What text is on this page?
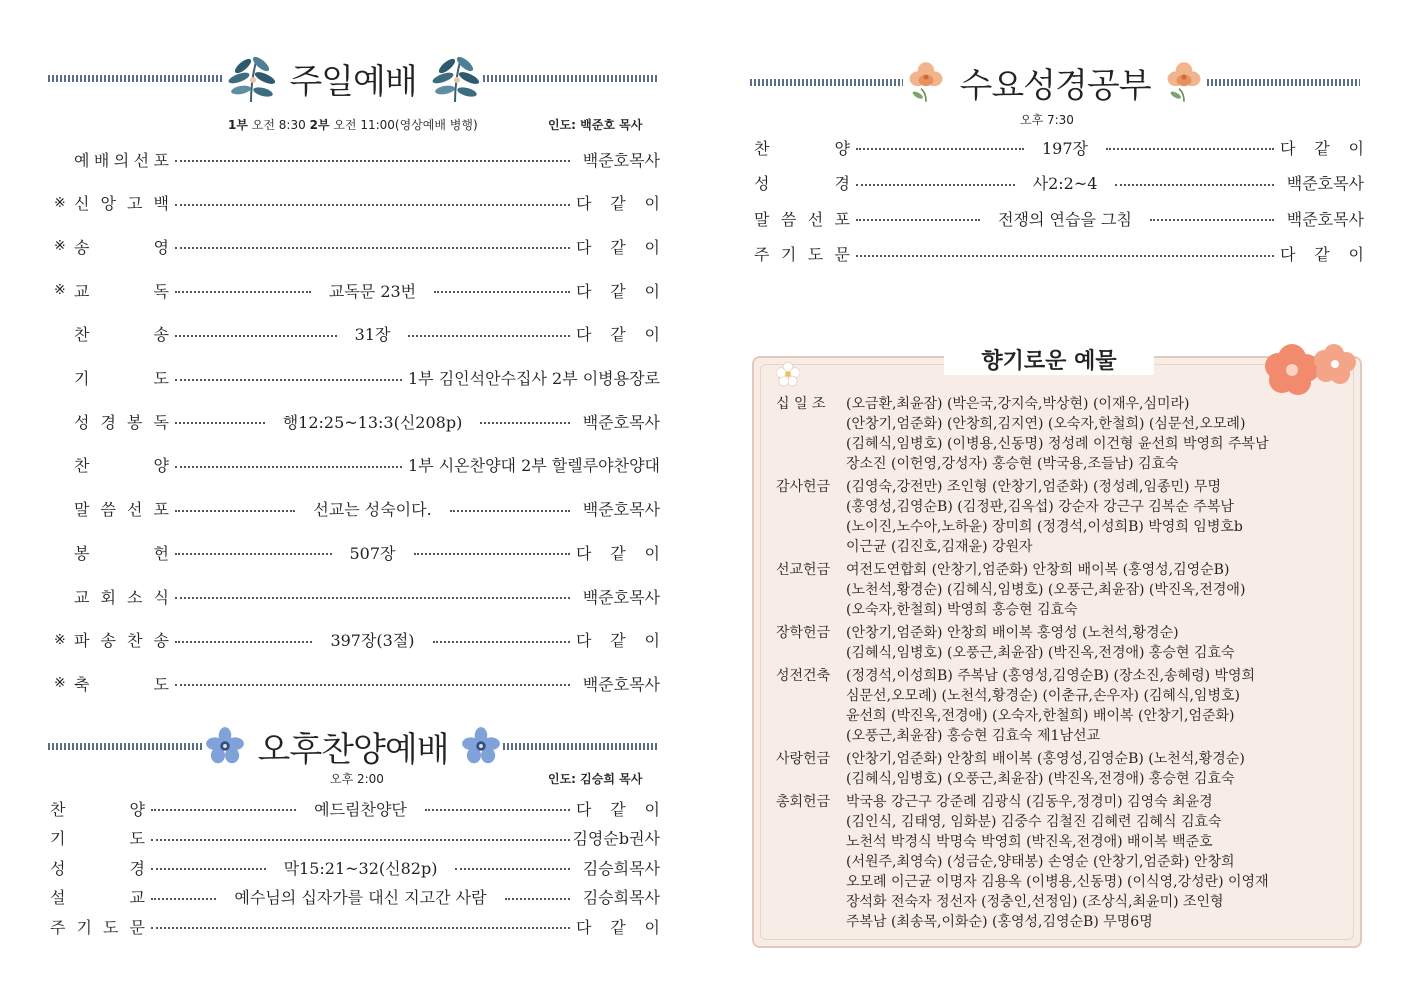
주일예배
1부 오전 8:30 2부 오전 11:00(영상예배 병행)	인도: 백준호 목사
예 배 의 선 포	백준호목사
※ 신 앙 고 백	다 같 이
※ 송	영	다 같 이
※ 교	독	교독문 23번	다 같 이
찬	송	31장	다 같 이
기	도	1부 김인석안수집사 2부 이병용장로
성 경 봉 독	행12:25~13:3(신208p)	백준호목사
찬	양	1부 시온찬양대 2부 할렐루야찬양대
말 씀 선 포	선교는 성숙이다.	백준호목사
봉	헌	507장	다 같 이
교 회 소 식	백준호목사
※ 파 송 찬 송	397장(3절)	다 같 이
※ 축	도	백준호목사
오후찬양예배
오후 2:00	인도: 김승희 목사
찬	양	예드림찬양단	다 같 이
기	도	김영순b권사
성	경	막15:21~32(신82p)	김승희목사
설	교	예수님의 십자가를 대신 지고간 사람	김승희목사
주 기 도 문	다 같 이
수요성경공부
오후 7:30
찬	양	197장	다 같 이
성	경	사2:2~4	백준호목사
말 씀 선 포	전쟁의 연습을 그침	백준호목사
주 기 도 문	다 같 이
향기로운 예물
십 일 조	(오금환,최윤잠) (박은국,강지숙,박상현) (이재우,심미라)
(안창기,엄준화) (안창희,김지연) (오숙자,한철희) (심문선,오모례)
(김혜식,임병호) (이병용,신동명) 정성례 이건형 윤선희 박영희 주복남
장소진 (이헌영,강성자) 홍승현 (박국용,조들남) 김효숙
감사헌금	(김영숙,강전만) 조인형 (안창기,엄준화) (정성례,임종민) 무명
(홍영성,김영순B) (김정판,김옥섭) 강순자 강근구 김복순 주복남
(노이진,노수아,노하윤) 장미희 (정경석,이성희B) 박영희 임병호b
이근균 (김진호,김재윤) 강원자
선교헌금	여전도연합회 (안창기,엄준화) 안창희 배이복 (홍영성,김영순B)
(노천석,황경순) (김혜식,임병호) (오풍근,최윤잠) (박진옥,전경애)
(오숙자,한철희) 박영희 홍승현 김효숙
장학헌금	(안창기,엄준화) 안창희 배이복 홍영성 (노천석,황경순)
(김혜식,임병호) (오풍근,최윤잠) (박진옥,전경애) 홍승현 김효숙
성전건축	(정경석,이성희B) 주복남 (홍영성,김영순B) (장소진,송혜령) 박영희
심문선,오모례) (노천석,황경순) (이춘규,손우자) (김혜식,임병호)
윤선희 (박진옥,전경애) (오숙자,한철희) 배이복 (안창기,엄준화)
(오풍근,최윤잠) 홍승현 김효숙 제1남선교
사랑헌금	(안창기,엄준화) 안창희 배이복 (홍영성,김영순B) (노천석,황경순)
(김혜식,임병호) (오풍근,최윤잠) (박진옥,전경애) 홍승현 김효숙
총회헌금	박국용 강근구 강준례 김광식 (김동우,정경미) 김영숙 최윤경
(김인식, 김태영, 임화분) 김중수 김철진 김혜련 김혜식 김효숙
노천석 박경식 박명숙 박영희 (박진옥,전경애) 배이복 백준호
(서원주,최영숙) (성금순,양태봉) 손영순 (안창기,엄준화) 안창희
오모례 이근균 이명자 김용옥 (이병용,신동명) (이식영,강성란) 이영재
장석화 전숙자 정선자 (정충인,선정임) (조상식,최윤미) 조인형
주복남 (최송목,이화순) (홍영성,김영순B) 무명6명
